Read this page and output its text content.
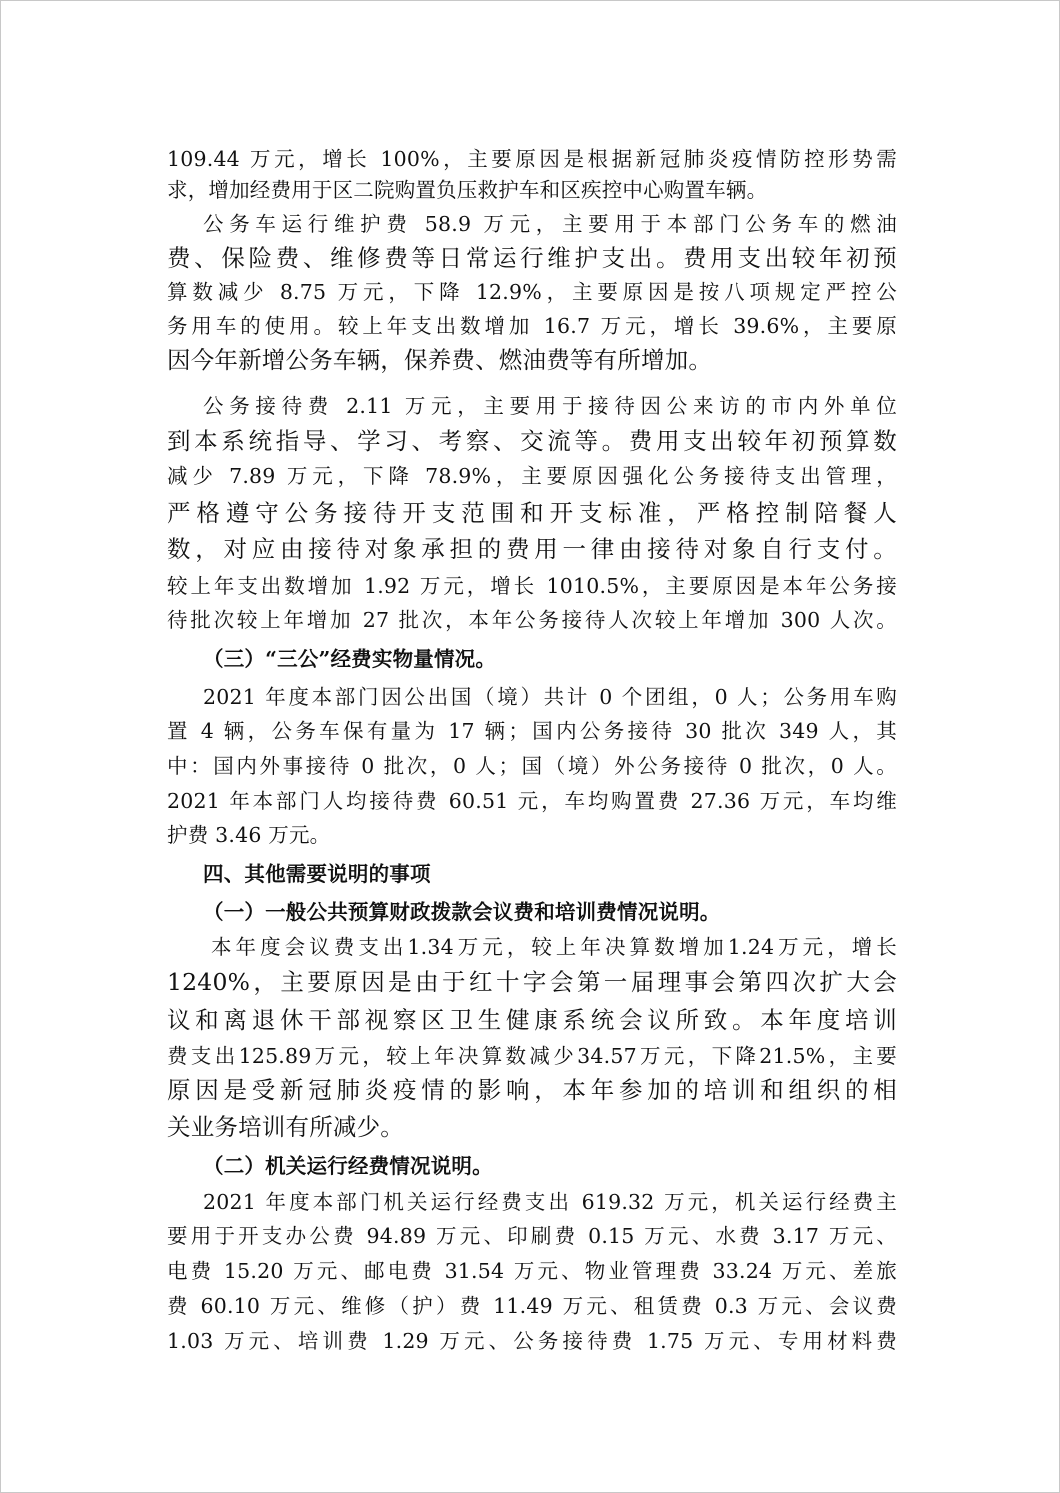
109.44 万元，增长 100%，主要原因是根据新冠肺炎疫情防控形势需
求，增加经费用于区二院购置负压救护车和区疾控中心购置车辆。
公务车运行维护费 58.9 万元，主要用于本部门公务车的燃油
费、保险费、维修费等日常运行维护支出。费用支出较年初预
算数减少 8.75 万元，下降 12.9%，主要原因是按八项规定严控公
务用车的使用。较上年支出数增加 16.7 万元，增长 39.6%，主要原
因今年新增公务车辆，保养费、燃油费等有所增加。
公务接待费 2.11 万元，主要用于接待因公来访的市内外单位
到本系统指导、学习、考察、交流等。费用支出较年初预算数
减少 7.89 万元，下降 78.9%，主要原因强化公务接待支出管理，
严格遵守公务接待开支范围和开支标准，严格控制陪餐人
数，对应由接待对象承担的费用一律由接待对象自行支付。
较上年支出数增加 1.92 万元，增长 1010.5%，主要原因是本年公务接
待批次较上年增加 27 批次，本年公务接待人次较上年增加 300 人次。
（三）“三公”经费实物量情况。
2021 年度本部门因公出国（境）共计 0 个团组，0 人；公务用车购
置 4 辆，公务车保有量为 17 辆；国内公务接待 30 批次 349 人，其
中：国内外事接待 0 批次，0 人；国（境）外公务接待 0 批次，0 人。
2021 年本部门人均接待费 60.51 元，车均购置费 27.36 万元，车均维
护费 3.46 万元。
四、其他需要说明的事项
（一）一般公共预算财政拨款会议费和培训费情况说明。
本年度会议费支出1.34万元，较上年决算数增加1.24万元，增长
1240%，主要原因是由于红十字会第一届理事会第四次扩大会
议和离退休干部视察区卫生健康系统会议所致。本年度培训
费支出125.89万元，较上年决算数减少34.57万元，下降21.5%，主要
原因是受新冠肺炎疫情的影响，本年参加的培训和组织的相
关业务培训有所减少。
（二）机关运行经费情况说明。
2021 年度本部门机关运行经费支出 619.32 万元，机关运行经费主
要用于开支办公费 94.89 万元、印刷费 0.15 万元、水费 3.17 万元、
电费 15.20 万元、邮电费 31.54 万元、物业管理费 33.24 万元、差旅
费 60.10 万元、维修（护）费 11.49 万元、租赁费 0.3 万元、会议费
1.03 万元、培训费 1.29 万元、公务接待费 1.75 万元、专用材料费
